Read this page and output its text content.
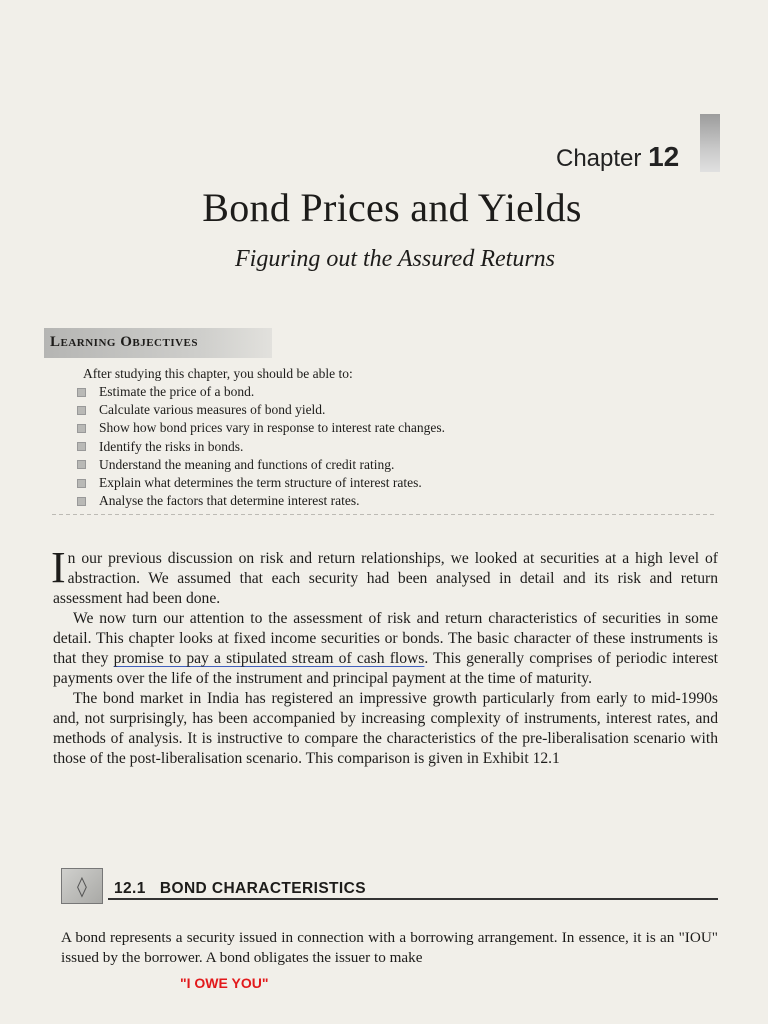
Chapter 12
Bond Prices and Yields
Figuring out the Assured Returns
Learning Objectives
After studying this chapter, you should be able to:
Estimate the price of a bond.
Calculate various measures of bond yield.
Show how bond prices vary in response to interest rate changes.
Identify the risks in bonds.
Understand the meaning and functions of credit rating.
Explain what determines the term structure of interest rates.
Analyse the factors that determine interest rates.

In our previous discussion on risk and return relationships, we looked at securities at a high level of abstraction. We assumed that each security had been analysed in detail and its risk and return assessment had been done.

We now turn our attention to the assessment of risk and return characteristics of securities in some detail. This chapter looks at fixed income securities or bonds. The basic character of these instruments is that they promise to pay a stipulated stream of cash flows. This generally comprises of periodic interest payments over the life of the instrument and principal payment at the time of maturity.

The bond market in India has registered an impressive growth particularly from early to mid-1990s and, not surprisingly, has been accompanied by increasing complexity of instruments, interest rates, and methods of analysis. It is instructive to compare the characteristics of the pre-liberalisation scenario with those of the post-liberalisation scenario. This comparison is given in Exhibit 12.1

◊	12.1 BOND CHARACTERISTICS

A bond represents a security issued in connection with a borrowing arrangement. In essence, it is an "IOU" issued by the borrower. A bond obligates the issuer to make

"I OWE YOU"
